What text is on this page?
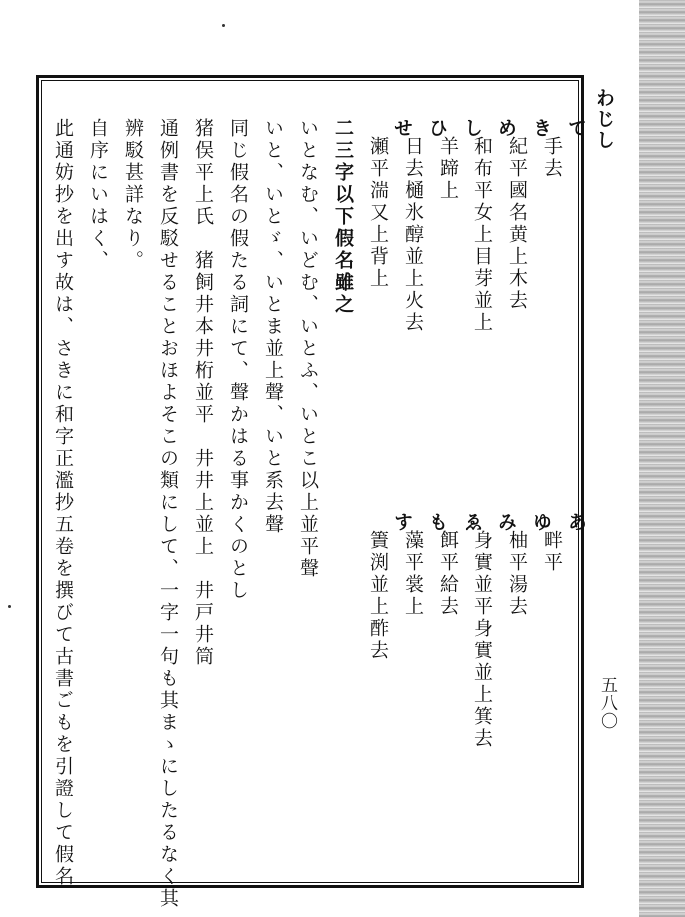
わじし
五八〇
て
手去
き
紀平國名黄上木去
め
和布平女上目芽並上
し
羊蹄上
ひ
日去樋氷醇並上火去
せ
瀬平湍又上背上
あ
畔平
ゆ
柚平湯去
み
身實並平身實並上箕去
ゑ
餌平給去
も
藻平裳上
す
簀渕並上酢去
二三字以下假名雖之
いとなむ、いどむ、いとふ、いとこ以上並平聲
いと、いとゞ、いとま並上聲、いと系去聲
同じ假名の假たる詞にて、聲かはる事かくのとし
猪俣平上氏　猪飼井本井桁並平　井井上並上　井戸井筒
通例書を反駁せることおほよそこの類にして、一字一句も其まゝにしたるなく其
辨駁甚詳なり。
自序にいはく、
此通妨抄を出す故は、さきに和字正濫抄五卷を撰びて古書ごもを引證して假名
